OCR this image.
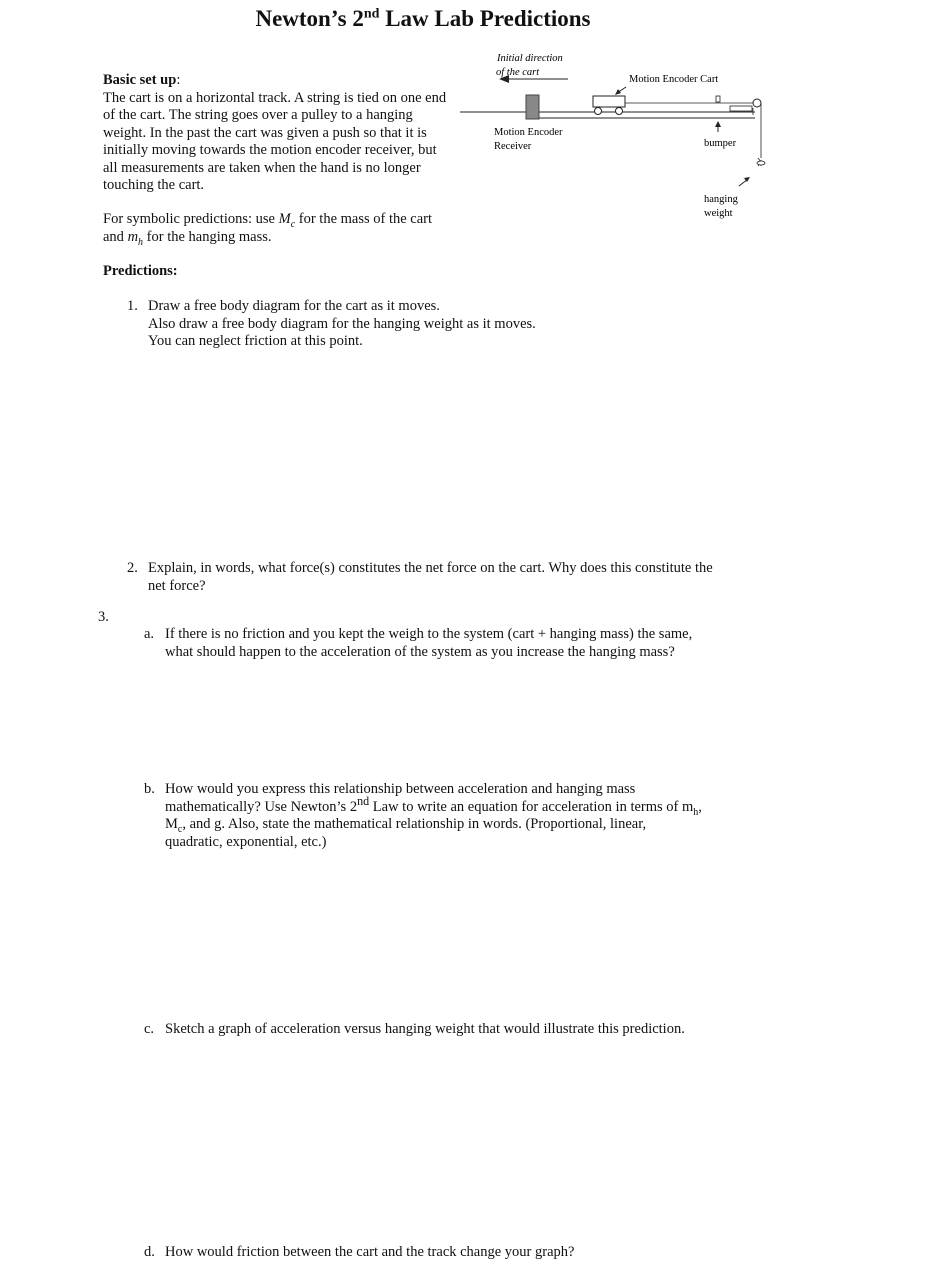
Newton’s 2nd Law Lab Predictions
Basic set up:
The cart is on a horizontal track. A string is tied on one end of the cart. The string goes over a pulley to a hanging weight. In the past the cart was given a push so that it is initially moving towards the motion encoder receiver, but all measurements are taken when the hand is no longer touching the cart.
For symbolic predictions: use $M_c$ for the mass of the cart and $m_h$ for the hanging mass.
Initial direction
of the cart
Motion Encoder Cart
Motion Encoder
Receiver	bumper
hanging
weight
Predictions:
1. Draw a free body diagram for the cart as it moves.
Also draw a free body diagram for the hanging weight as it moves.
You can neglect friction at this point.
2. Explain, in words, what force(s) constitutes the net force on the cart. Why does this constitute the net force?
3.
a. If there is no friction and you kept the weigh to the system (cart + hanging mass) the same, what should happen to the acceleration of the system as you increase the hanging mass?
b. How would you express this relationship between acceleration and hanging mass mathematically? Use Newton’s 2nd Law to write an equation for acceleration in terms of $m_h$, $M_c$, and g. Also, state the mathematical relationship in words. (Proportional, linear, quadratic, exponential, etc.)
c. Sketch a graph of acceleration versus hanging weight that would illustrate this prediction.
d. How would friction between the cart and the track change your graph?
